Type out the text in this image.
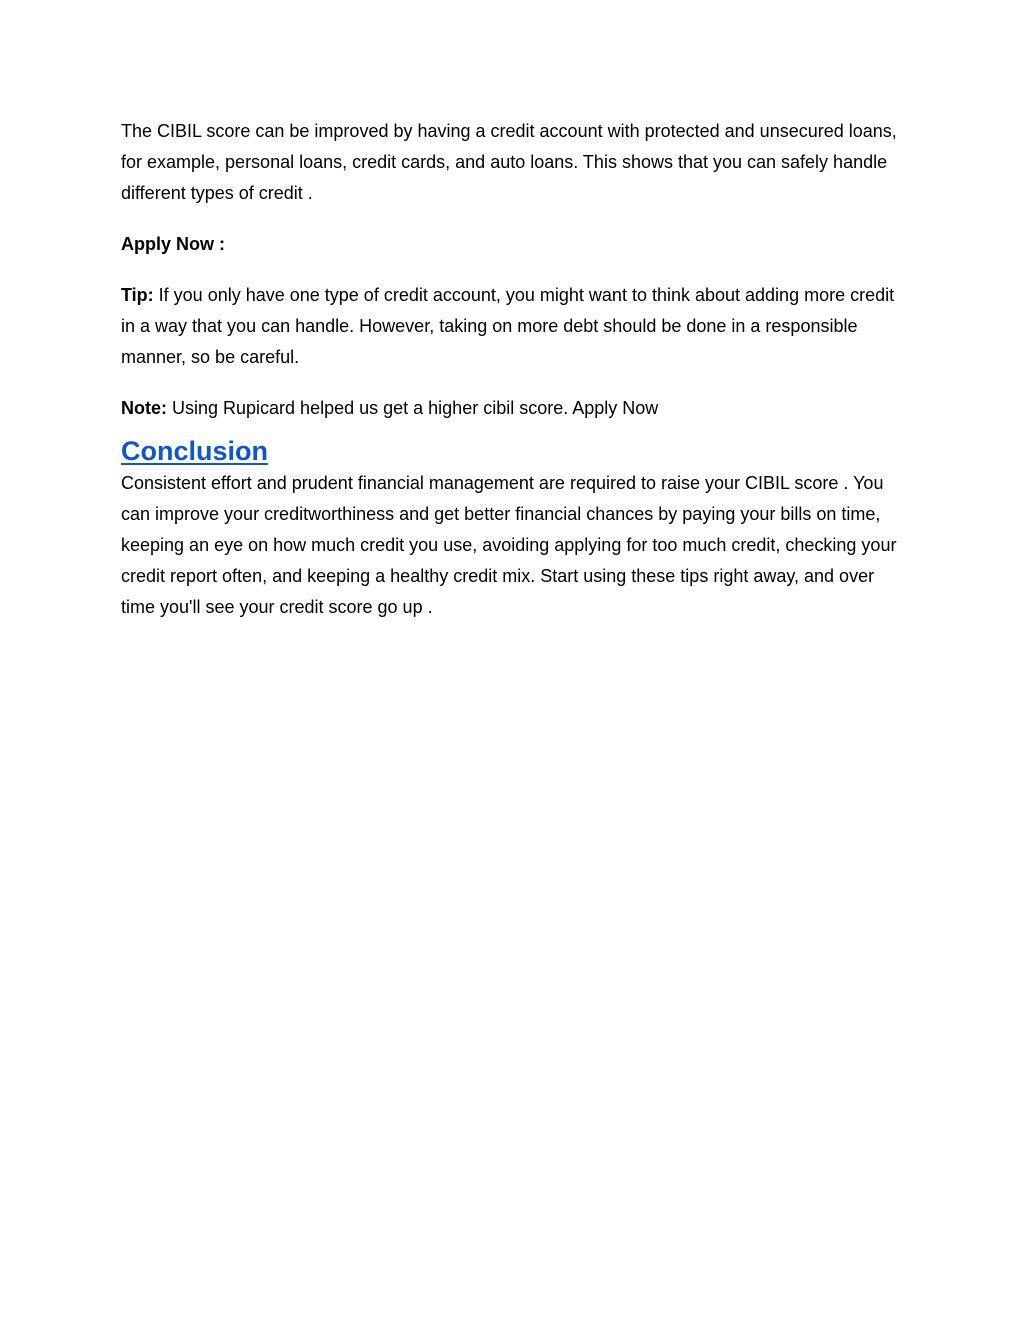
The CIBIL score can be improved by having a credit account with protected and unsecured loans, for example, personal loans, credit cards, and auto loans. This shows that you can safely handle different types of credit .

Apply Now :

Tip: If you only have one type of credit account, you might want to think about adding more credit in a way that you can handle. However, taking on more debt should be done in a responsible manner, so be careful.

Note: Using Rupicard helped us get a higher cibil score. Apply Now

Conclusion

Consistent effort and prudent financial management are required to raise your CIBIL score . You can improve your creditworthiness and get better financial chances by paying your bills on time, keeping an eye on how much credit you use, avoiding applying for too much credit, checking your credit report often, and keeping a healthy credit mix. Start using these tips right away, and over time you'll see your credit score go up .
